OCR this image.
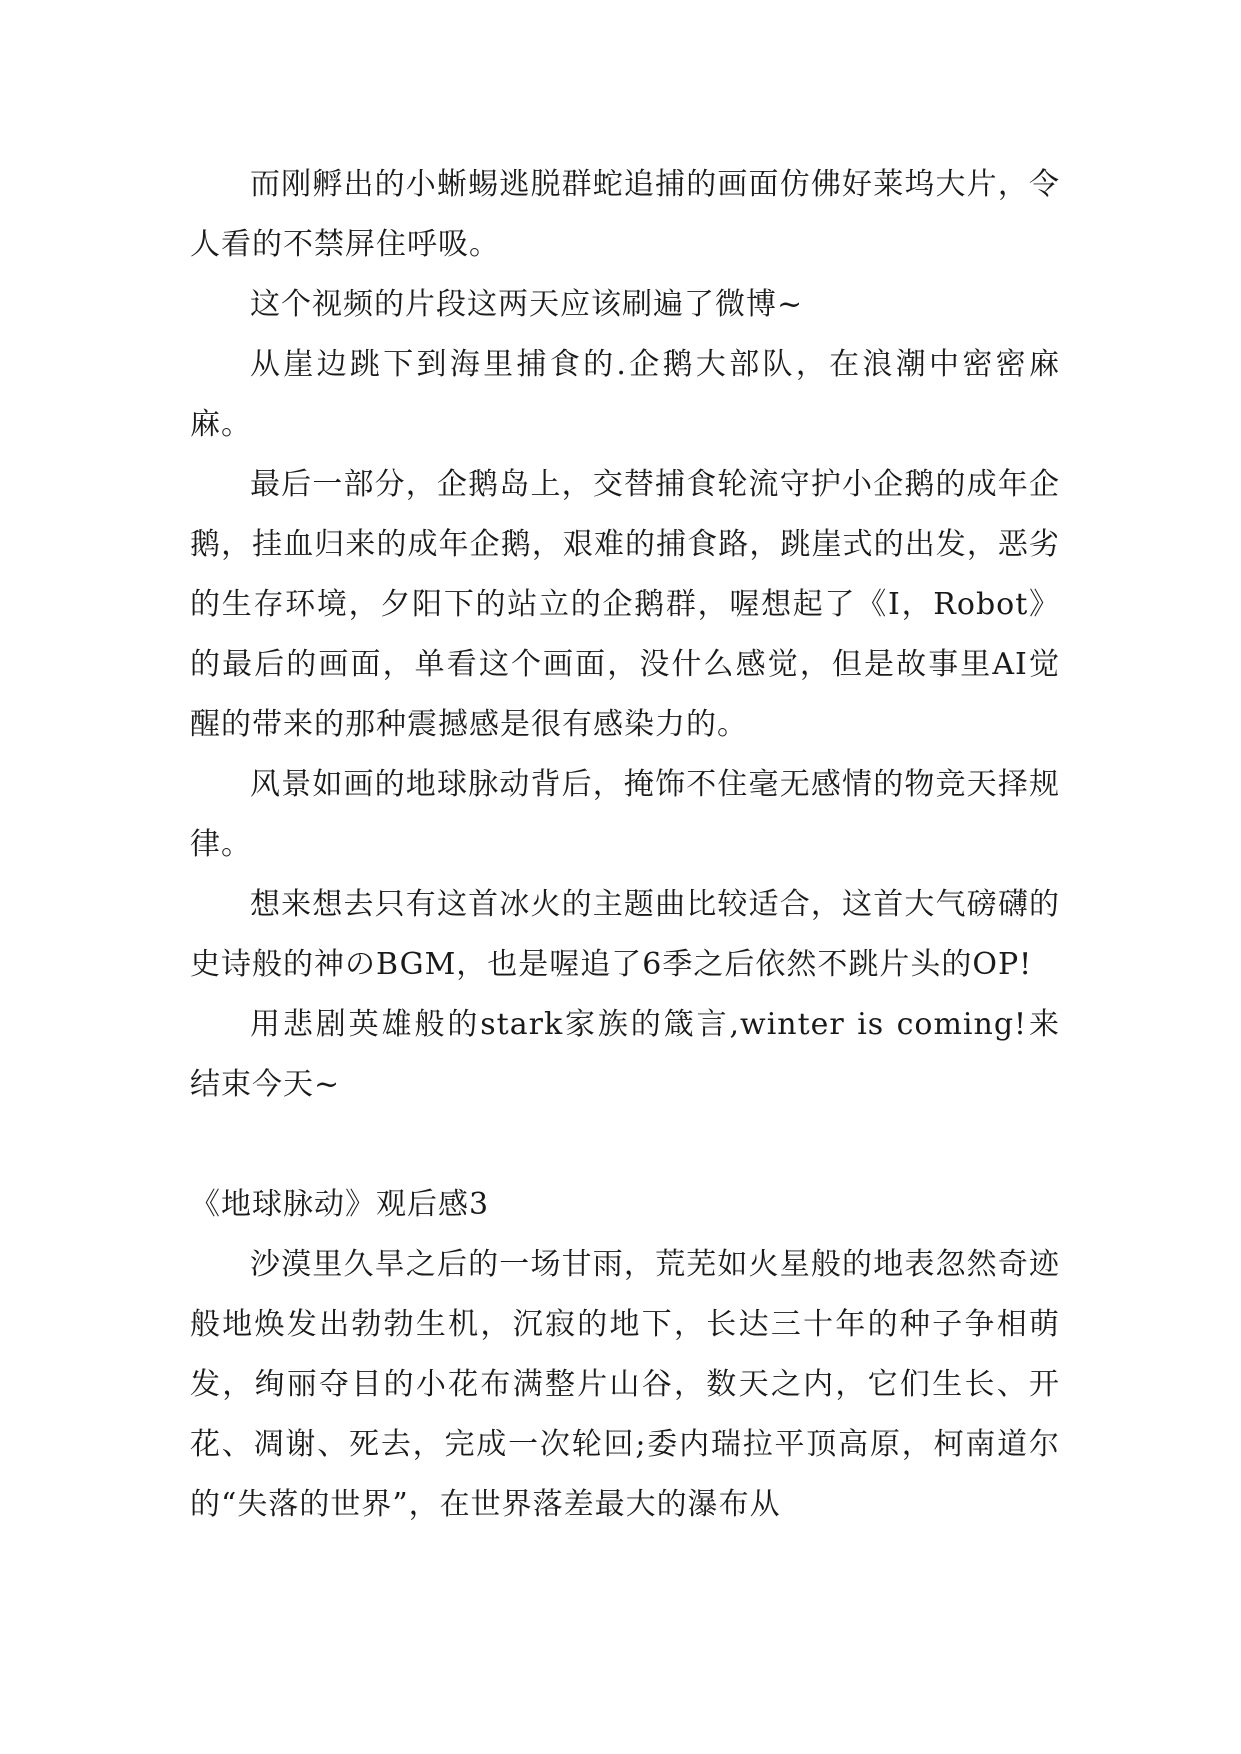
而刚孵出的小蜥蜴逃脱群蛇追捕的画面仿佛好莱坞大片，令人看的不禁屏住呼吸。

这个视频的片段这两天应该刷遍了微博~

从崖边跳下到海里捕食的.企鹅大部队，在浪潮中密密麻麻。

最后一部分，企鹅岛上，交替捕食轮流守护小企鹅的成年企鹅，挂血归来的成年企鹅，艰难的捕食路，跳崖式的出发，恶劣的生存环境，夕阳下的站立的企鹅群，喔想起了《I，Robot》的最后的画面，单看这个画面，没什么感觉，但是故事里AI觉醒的带来的那种震撼感是很有感染力的。

风景如画的地球脉动背后，掩饰不住毫无感情的物竞天择规律。

想来想去只有这首冰火的主题曲比较适合，这首大气磅礴的史诗般的神のBGM，也是喔追了6季之后依然不跳片头的OP!

用悲剧英雄般的stark家族的箴言,winter is coming!来结束今天~

《地球脉动》观后感3

沙漠里久旱之后的一场甘雨，荒芜如火星般的地表忽然奇迹般地焕发出勃勃生机，沉寂的地下，长达三十年的种子争相萌发，绚丽夺目的小花布满整片山谷，数天之内，它们生长、开花、凋谢、死去，完成一次轮回;委内瑞拉平顶高原，柯南道尔的“失落的世界”，在世界落差最大的瀑布从
